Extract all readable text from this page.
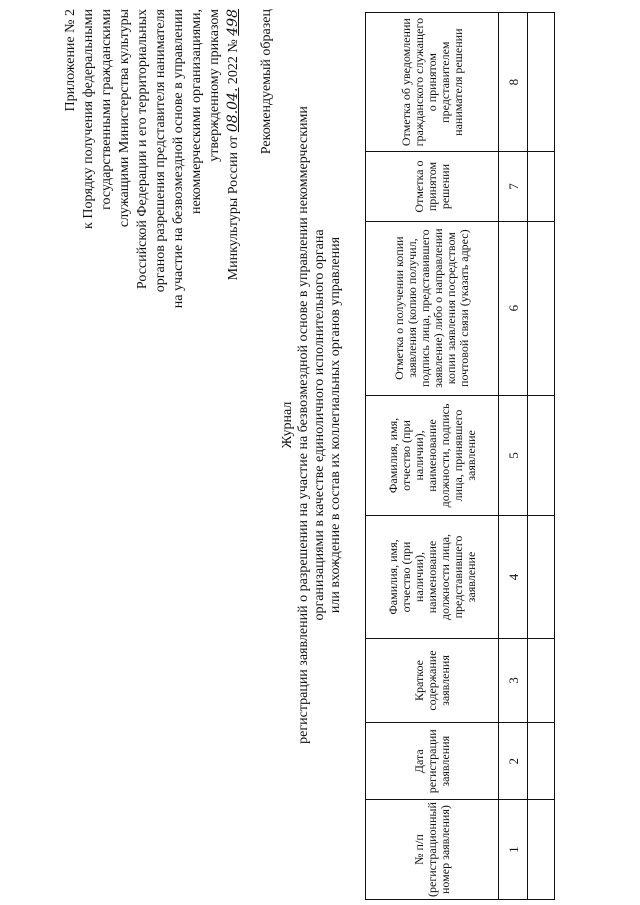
Приложение № 2 к Порядку получения федеральными государственными гражданскими служащими Министерства культуры Российской Федерации и его территориальных органов разрешения представителя нанимателя на участие на безвозмездной основе в управлении некоммерческими организациями, утвержденному приказом
Минкультуры России от 08.04. 2022 № 498 Рекомендуемый образец
Журнал регистрации заявлений о разрешении на участие на безвозмездной основе в управлении некоммерческими организациями в качестве единоличного исполнительного органа или вхождение в состав их коллегиальных органов управления
№ п/п (регистрационный номер заявления)	Дата регистрации заявления	Краткое содержание заявления	Фамилия, имя, отчество (при наличии), наименование должности лица, представившего заявление	Фамилия, имя, отчество (при наличии), наименование должности, подпись лица, принявшего заявление	Отметка о получении копии заявления (копию получил, подпись лица, представившего заявление) либо о направлении копии заявления посредством почтовой связи (указать адрес)	Отметка о принятом решении	Отметка об уведомлении гражданского служащего о принятом представителем нанимателя решении
1	2	3	4	5	6	7	8
